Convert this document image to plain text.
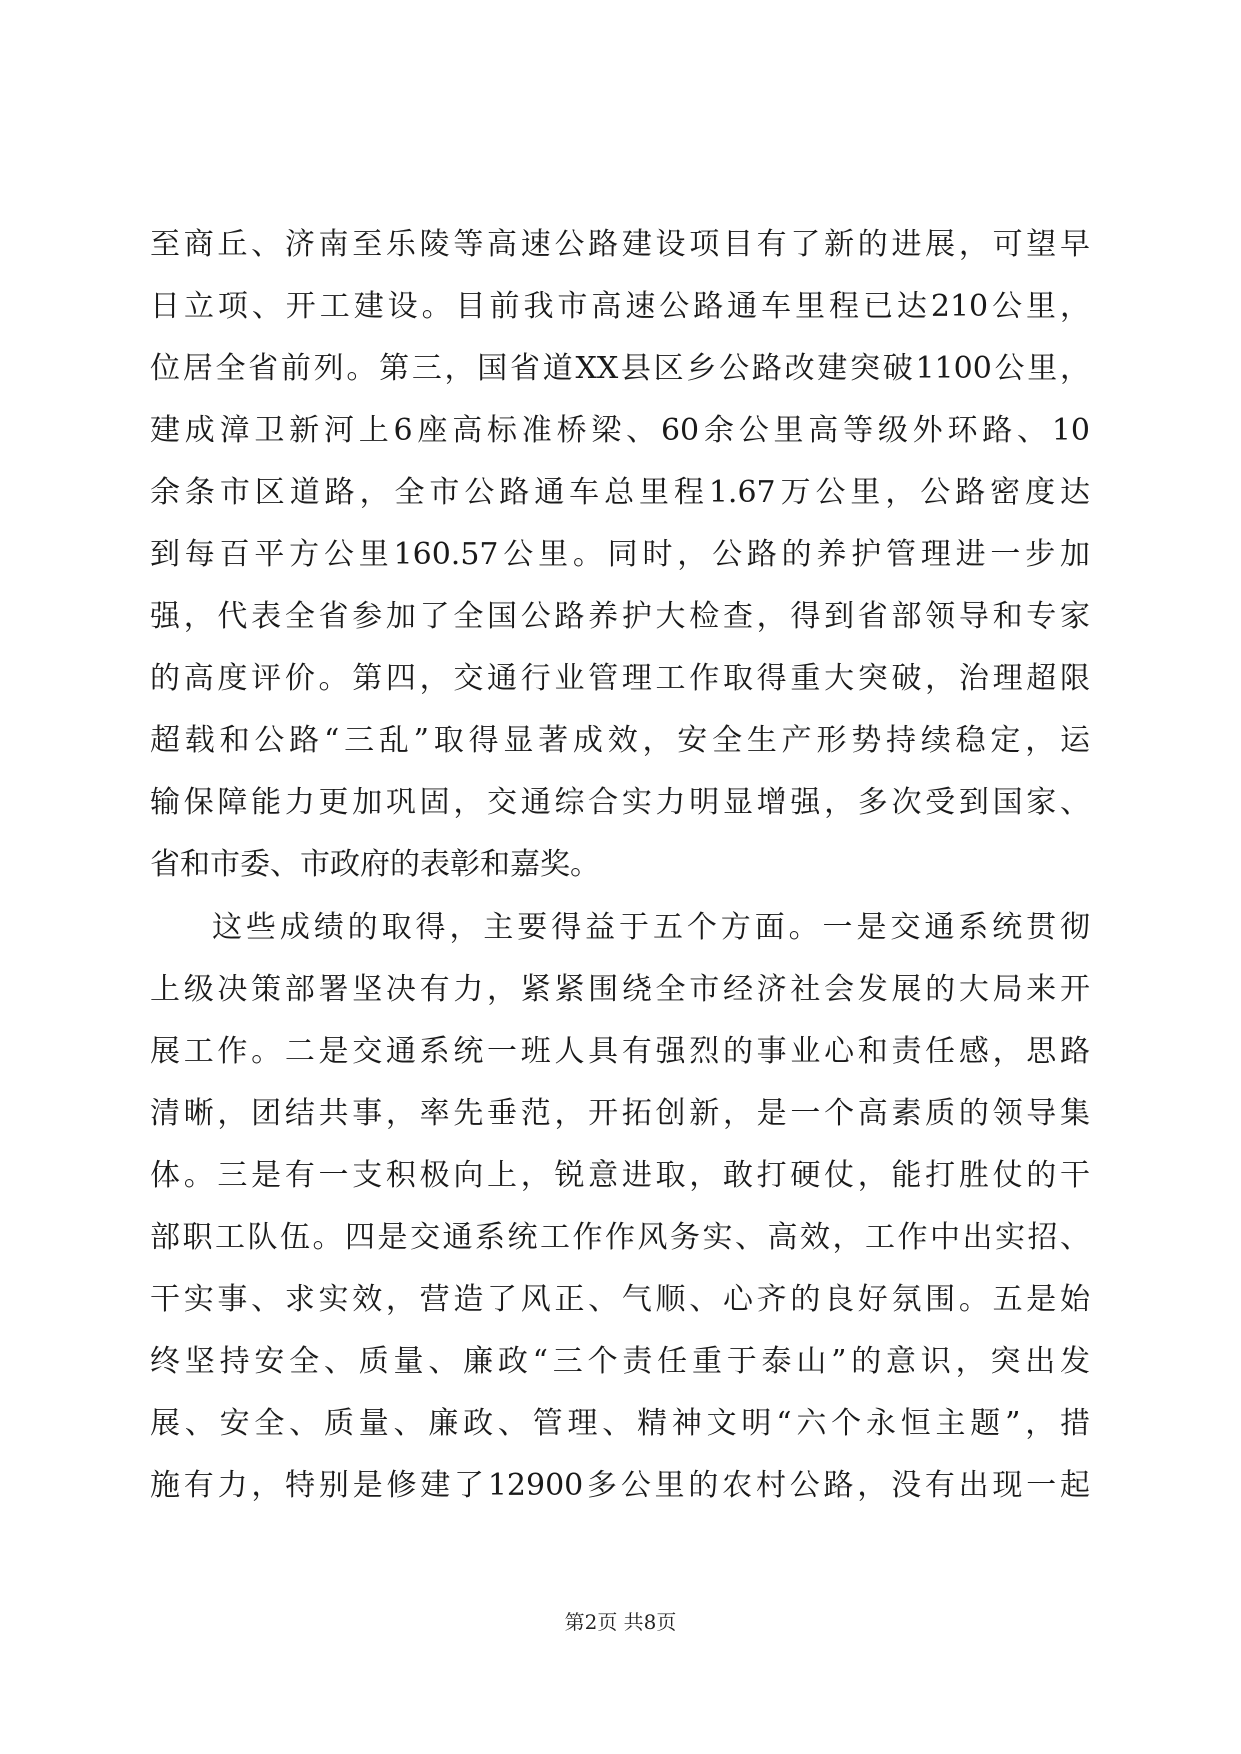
至商丘、济南至乐陵等高速公路建设项目有了新的进展，可望早
日立项、开工建设。目前我市高速公路通车里程已达210公里，
位居全省前列。第三，国省道XX县区乡公路改建突破1100公里，
建成漳卫新河上6座高标准桥梁、60余公里高等级外环路、10
余条市区道路，全市公路通车总里程1.67万公里，公路密度达
到每百平方公里160.57公里。同时，公路的养护管理进一步加
强，代表全省参加了全国公路养护大检查，得到省部领导和专家
的高度评价。第四，交通行业管理工作取得重大突破，治理超限
超载和公路“三乱”取得显著成效，安全生产形势持续稳定，运
输保障能力更加巩固，交通综合实力明显增强，多次受到国家、
省和市委、市政府的表彰和嘉奖。
这些成绩的取得，主要得益于五个方面。一是交通系统贯彻
上级决策部署坚决有力，紧紧围绕全市经济社会发展的大局来开
展工作。二是交通系统一班人具有强烈的事业心和责任感，思路
清晰，团结共事，率先垂范，开拓创新，是一个高素质的领导集
体。三是有一支积极向上，锐意进取，敢打硬仗，能打胜仗的干
部职工队伍。四是交通系统工作作风务实、高效，工作中出实招、
干实事、求实效，营造了风正、气顺、心齐的良好氛围。五是始
终坚持安全、质量、廉政“三个责任重于泰山”的意识，突出发
展、安全、质量、廉政、管理、精神文明“六个永恒主题”，措
施有力，特别是修建了12900多公里的农村公路，没有出现一起
第2页 共8页
